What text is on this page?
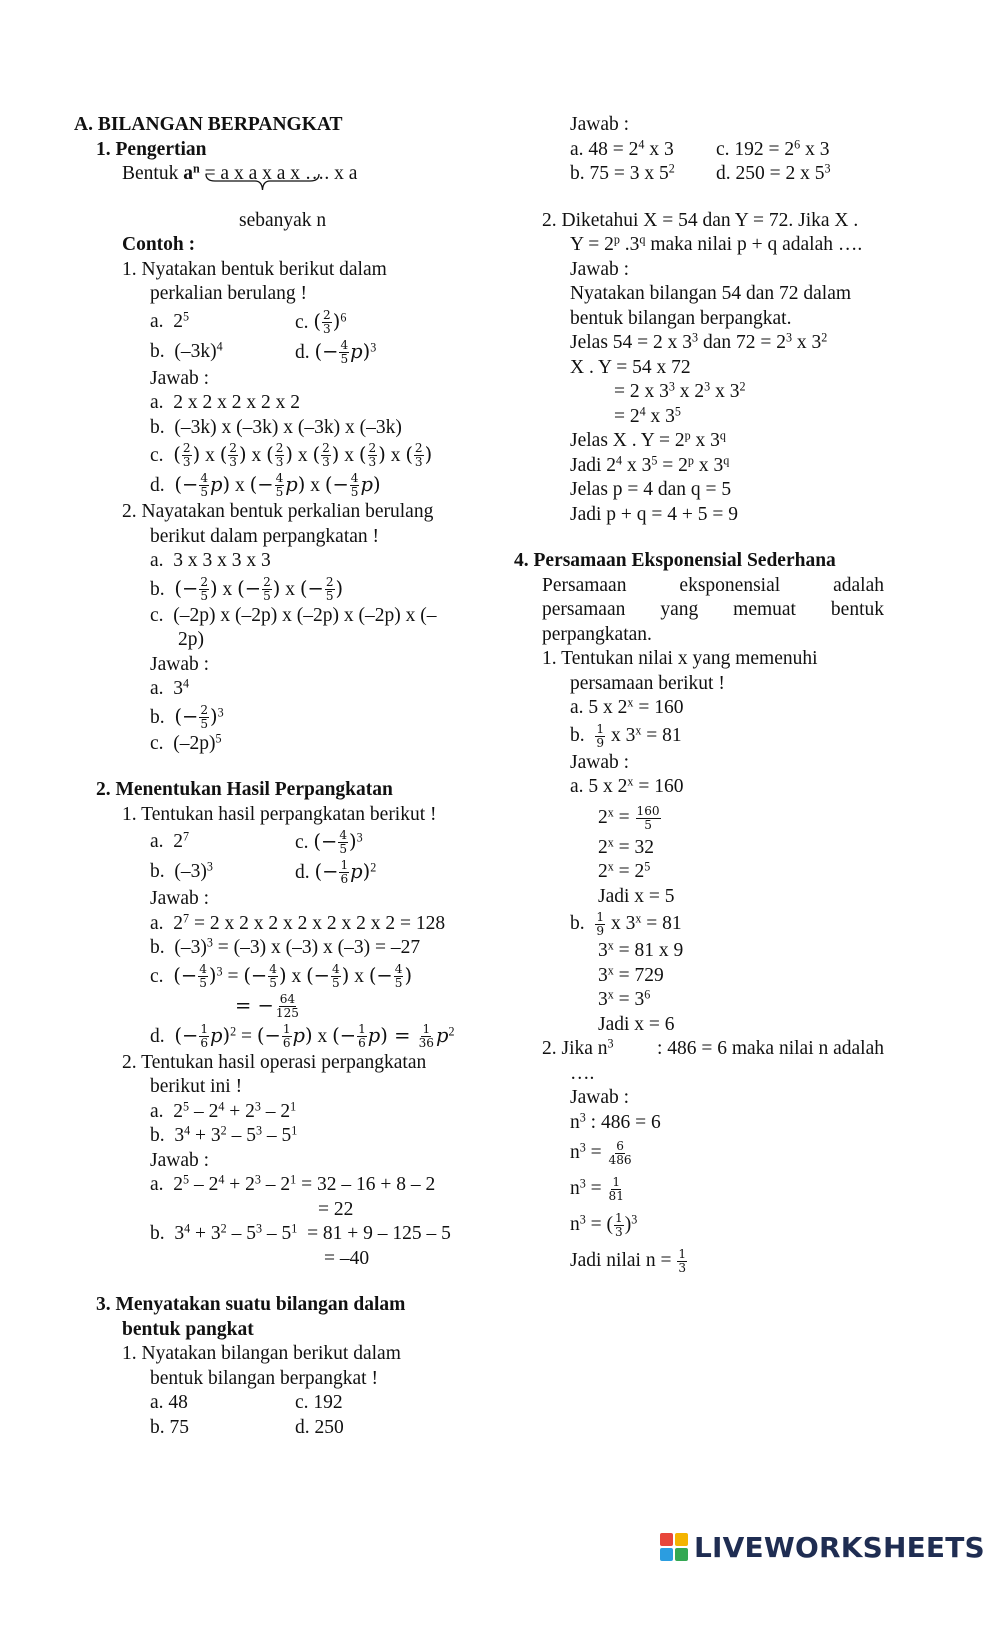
A. BILANGAN BERPANGKAT
1. Pengertian
Bentuk $a^n = a$ x a x a x …. x a
sebanyak n
Contoh :
1. Nyatakan bentuk berikut dalam
perkalian berulang !
a. $2^5$	c. ( $\frac{2}{3} )^6$
b. $(-3k)^4$	d. (− $\frac{4}{5} p)^3$
Jawab :
a. 2 x 2 x 2 x 2 x 2
b. (–3k) x (–3k) x (–3k) x (–3k)
c. ( $\frac{2}{3}$ ) x ( $\frac{2}{3}$ ) x ( $\frac{2}{3}$ ) x ( $\frac{2}{3}$ ) x ( $\frac{2}{3}$ ) x ( $\frac{2}{3}$ )
d. (− $\frac{4}{5} p$) x (− $\frac{4}{5} p$) x (− $\frac{4}{5} p$)
2. Nayatakan bentuk perkalian berulang
berikut dalam perpangkatan !
a. 3 x 3 x 3 x 3
b. (− $\frac{2}{5}$ ) x (− $\frac{2}{5}$ ) x (− $\frac{2}{5}$ )
c. (–2p) x (–2p) x (–2p) x (–2p) x (–
2p)
Jawab :
a. $3^4$
b. (− $\frac{2}{5} )^3$
c. $(-2p)^5$
2. Menentukan Hasil Perpangkatan
1. Tentukan hasil perpangkatan berikut !
a. $2^7$	c. (− $\frac{4}{5} )^3$
b. $(-3)^3$	d. (− $\frac{1}{6} p)^2$
Jawab :
a. $2^7 = 2$ x 2 x 2 x 2 x 2 x 2 x 2 = 128
b. $(-3)^3 = (-3)$ x (–3) x (–3) = –27
c. (− $\frac{4}{5} )^3$ = (− $\frac{4}{5}$ ) x (− $\frac{4}{5}$ ) x (− $\frac{4}{5}$ )
= − $\frac{64}{125}$
d. (− $\frac{1}{6} p)^2$ = (− $\frac{1}{6} p$) x (− $\frac{1}{6} p) = \frac{1}{36} p^2$
2. Tentukan hasil operasi perpangkatan
berikut ini !
a.  $2^5 - 2^4 + 2^3 - 2^1$
b.  $3^4 + 3^2 - 5^3 - 5^1$
Jawab :
a.  $2^5 - 2^4 + 2^3 - 2^1 = 32 - 16 + 8 - 2$
= 22
b.  $3^4 + 3^2 - 5^3 - 5^1 = 81 + 9 - 125 - 5$
= –40
3. Menyatakan suatu bilangan dalam
bentuk pangkat
1. Nyatakan bilangan berikut dalam
bentuk bilangan berpangkat !
a. 48	c. 192
b. 75	d. 250
Jawab :
a. $48 = 2^4$ x 3 c. $192 = 2^6$ x 3
b. 75 = 3 x $5^2$ d. 250 = 2 x $5^3$
2. Diketahui X = 54 dan Y = 72. Jika X .
$Y = 2^p$ .3$^q$ maka nilai p + q adalah ….
Jawab :
Nyatakan bilangan 54 dan 72 dalam
bentuk bilangan berpangkat.
Jelas 54 = 2 x $3^3$ dan $72 = 2^3$ x $3^2$
X . Y = 54 x 72
= 2 x $3^3$ x $2^3$ x $3^2$
= $2^4$ x $3^5$
Jelas X . $Y = 2^p$ x 3$^q$
Jadi $2^4$ x $3^5 = 2^p$ x 3$^q$
Jelas p = 4 dan q = 5
Jadi p + q = 4 + 5 = 9
4. Persamaan Eksponensial Sederhana
Persamaan	eksponensial	adalah
persamaan yang memuat bentuk
perpangkatan.
1. Tentukan nilai x yang memenuhi
persamaan berikut !
a. 5 x $2^x = 160$
b. $\frac{1}{9}$ x $3^x = 81$
Jawab :
a. 5 x $2^x = 160$
$2^x = \frac{160}{5}$
$2^x = 32$
$2^x = 2^5$
Jadi x = 5
b. $\frac{1}{9}$ x $3^x = 81$
$3^x = 81$ x 9
$3^x = 729$
$3^x = 3^6$
Jadi x = 6
2. Jika $n^3$ : 486 = 6 maka nilai n adalah
….
Jawab :
$n^3$ : 486 = 6
$n^3 = \frac{6}{486}$
$n^3 = \frac{1}{81}$
$n^3$ = ( $\frac{1}{3} )^3$
Jadi nilai $n = \frac{1}{3}$
LIVEWORKSHEETS
